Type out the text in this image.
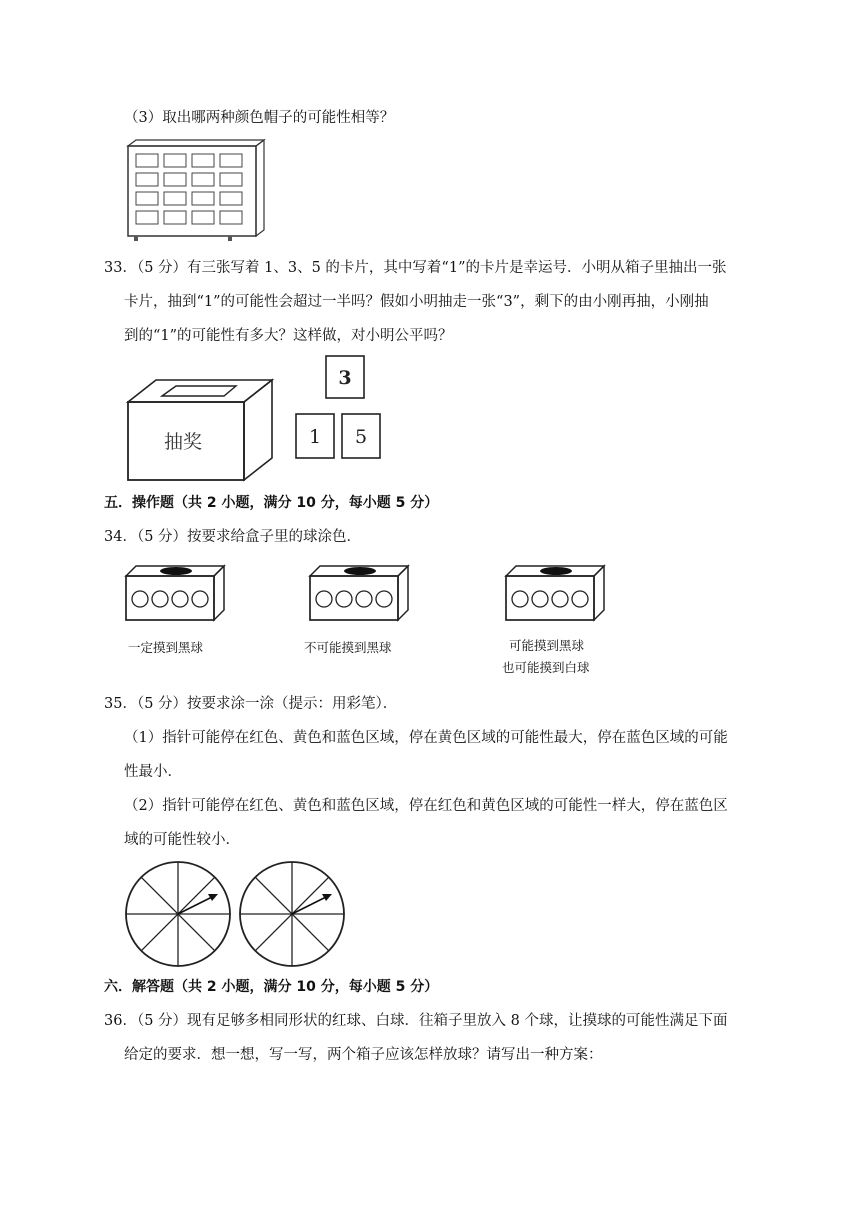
（3）取出哪两种颜色帽子的可能性相等？
33．（5 分）有三张写着 1、3、5 的卡片，其中写着“1”的卡片是幸运号．小明从箱子里抽出一张
卡片，抽到“1”的可能性会超过一半吗？假如小明抽走一张“3”，剩下的由小刚再抽，小刚抽
到的“1”的可能性有多大？这样做，对小明公平吗？
抽奖
3
1 5
五．操作题（共 2 小题，满分 10 分，每小题 5 分）
34．（5 分）按要求给盒子里的球涂色．
一定摸到黑球	不可能摸到黑球	可能摸到黑球
也可能摸到白球
35．（5 分）按要求涂一涂（提示：用彩笔）．
（1）指针可能停在红色、黄色和蓝色区域，停在黄色区域的可能性最大，停在蓝色区域的可能
性最小．
（2）指针可能停在红色、黄色和蓝色区域，停在红色和黄色区域的可能性一样大，停在蓝色区
域的可能性较小．
六．解答题（共 2 小题，满分 10 分，每小题 5 分）
36．（5 分）现有足够多相同形状的红球、白球．往箱子里放入 8 个球，让摸球的可能性满足下面
给定的要求．想一想，写一写，两个箱子应该怎样放球？请写出一种方案：
